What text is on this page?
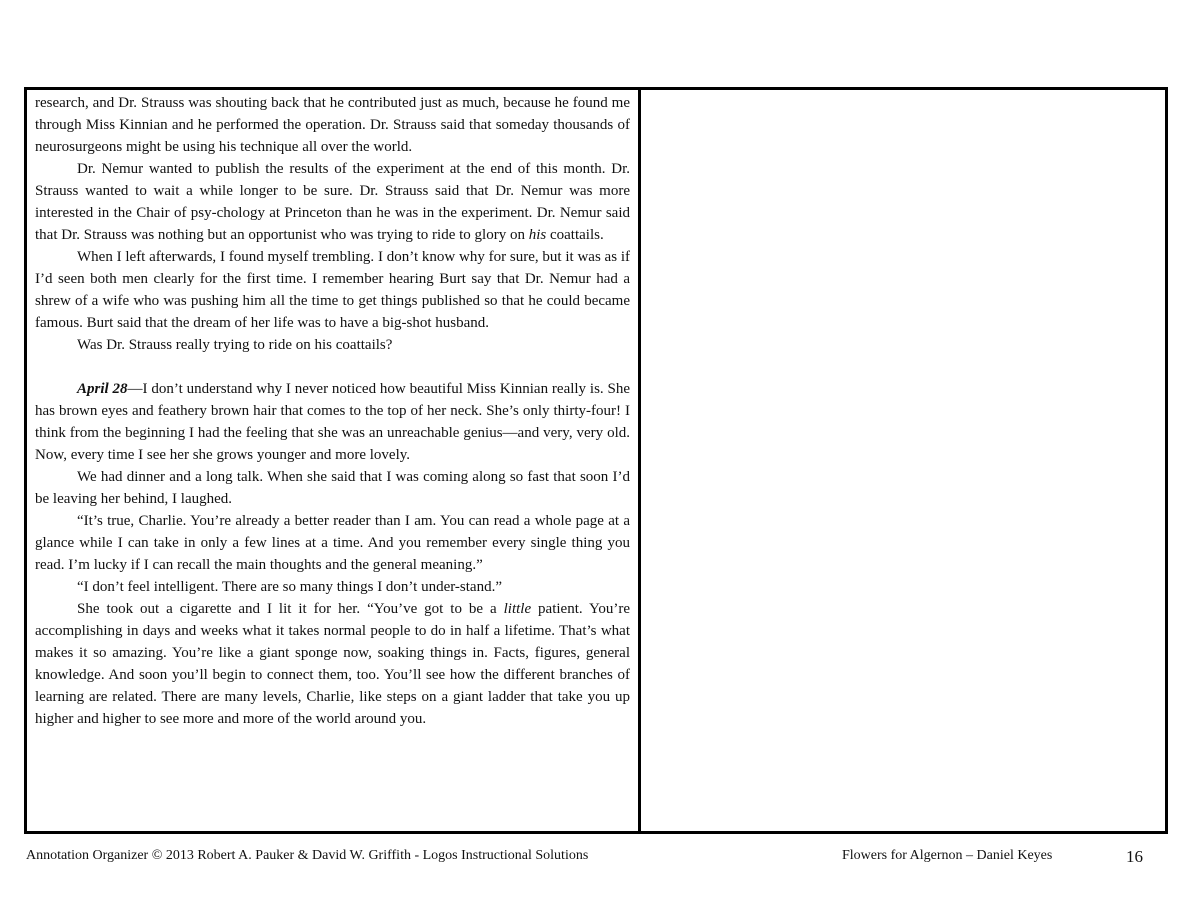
research, and Dr. Strauss was shouting back that he contributed just as much, because he found me through Miss Kinnian and he performed the operation. Dr. Strauss said that someday thousands of neurosurgeons might be using his technique all over the world.

Dr. Nemur wanted to publish the results of the experiment at the end of this month. Dr. Strauss wanted to wait a while longer to be sure. Dr. Strauss said that Dr. Nemur was more interested in the Chair of psy-chology at Princeton than he was in the experiment. Dr. Nemur said that Dr. Strauss was nothing but an opportunist who was trying to ride to glory on his coattails.

When I left afterwards, I found myself trembling. I don’t know why for sure, but it was as if I’d seen both men clearly for the first time. I remember hearing Burt say that Dr. Nemur had a shrew of a wife who was pushing him all the time to get things published so that he could became famous. Burt said that the dream of her life was to have a big-shot husband.

Was Dr. Strauss really trying to ride on his coattails?

April 28—I don’t understand why I never noticed how beautiful Miss Kinnian really is. She has brown eyes and feathery brown hair that comes to the top of her neck. She’s only thirty-four! I think from the beginning I had the feeling that she was an unreachable genius—and very, very old. Now, every time I see her she grows younger and more lovely.

We had dinner and a long talk. When she said that I was coming along so fast that soon I’d be leaving her behind, I laughed.

“It’s true, Charlie. You’re already a better reader than I am. You can read a whole page at a glance while I can take in only a few lines at a time. And you remember every single thing you read. I’m lucky if I can recall the main thoughts and the general meaning.”

“I don’t feel intelligent. There are so many things I don’t under-stand.”

She took out a cigarette and I lit it for her. “You’ve got to be a little patient. You’re accomplishing in days and weeks what it takes normal people to do in half a lifetime. That’s what makes it so amazing. You’re like a giant sponge now, soaking things in. Facts, figures, general knowledge. And soon you’ll begin to connect them, too. You’ll see how the different branches of learning are related. There are many levels, Charlie, like steps on a giant ladder that take you up higher and higher to see more and more of the world around you.

Annotation Organizer © 2013 Robert A. Pauker & David W. Griffith - Logos Instructional Solutions	Flowers for Algernon – Daniel Keyes	16
